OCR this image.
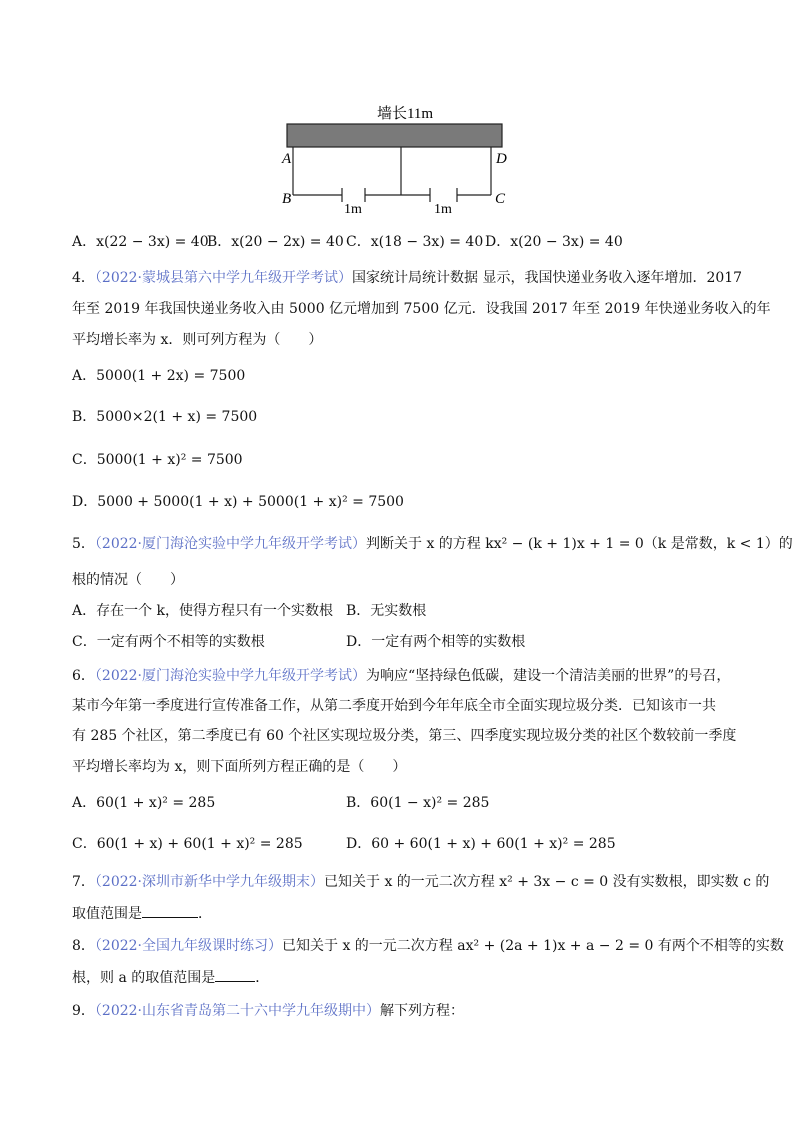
墙长11m
1m	1m
A
B	C
D
A．x(22 − 3x) = 40
B．x(20 − 2x) = 40 C．x(18 − 3x) = 40 D．x(20 − 3x) = 40
4．（2022·蒙城县第六中学九年级开学考试）国家统计局统计数据 显示，我国快递业务收入逐年增加．2017
年至 2019 年我国快递业务收入由 5000 亿元增加到 7500 亿元．设我国 2017 年至 2019 年快递业务收入的年
平均增长率为 x．则可列方程为（　　）
A．5000(1 + 2x) = 7500
B．5000×2(1 + x) = 7500
C．5000(1 + x)² = 7500
D．5000 + 5000(1 + x) + 5000(1 + x)² = 7500
5．（2022·厦门海沧实验中学九年级开学考试）判断关于 x 的方程 kx² − (k + 1)x + 1 = 0（k 是常数，k < 1）的
根的情况（　　）
A．存在一个 k，使得方程只有一个实数根 B．无实数根
C．一定有两个不相等的实数根	D．一定有两个相等的实数根
6．（2022·厦门海沧实验中学九年级开学考试）为响应“坚持绿色低碳，建设一个清洁美丽的世界”的号召，
某市今年第一季度进行宣传准备工作，从第二季度开始到今年年底全市全面实现垃圾分类．已知该市一共
有 285 个社区，第二季度已有 60 个社区实现垃圾分类，第三、四季度实现垃圾分类的社区个数较前一季度
平均增长率均为 x，则下面所列方程正确的是（　　）
A．60(1 + x)² = 285	B．60(1 − x)² = 285
C．60(1 + x) + 60(1 + x)² = 285	D．60 + 60(1 + x) + 60(1 + x)² = 285
7．（2022·深圳市新华中学九年级期末）已知关于 x 的一元二次方程 x² + 3x − c = 0 没有实数根，即实数 c 的
取值范围是	．
8．（2022·全国九年级课时练习）已知关于 x 的一元二次方程 ax² + (2a + 1)x + a − 2 = 0 有两个不相等的实数
根，则 a 的取值范围是	．
9．（2022·山东省青岛第二十六中学九年级期中）解下列方程：
